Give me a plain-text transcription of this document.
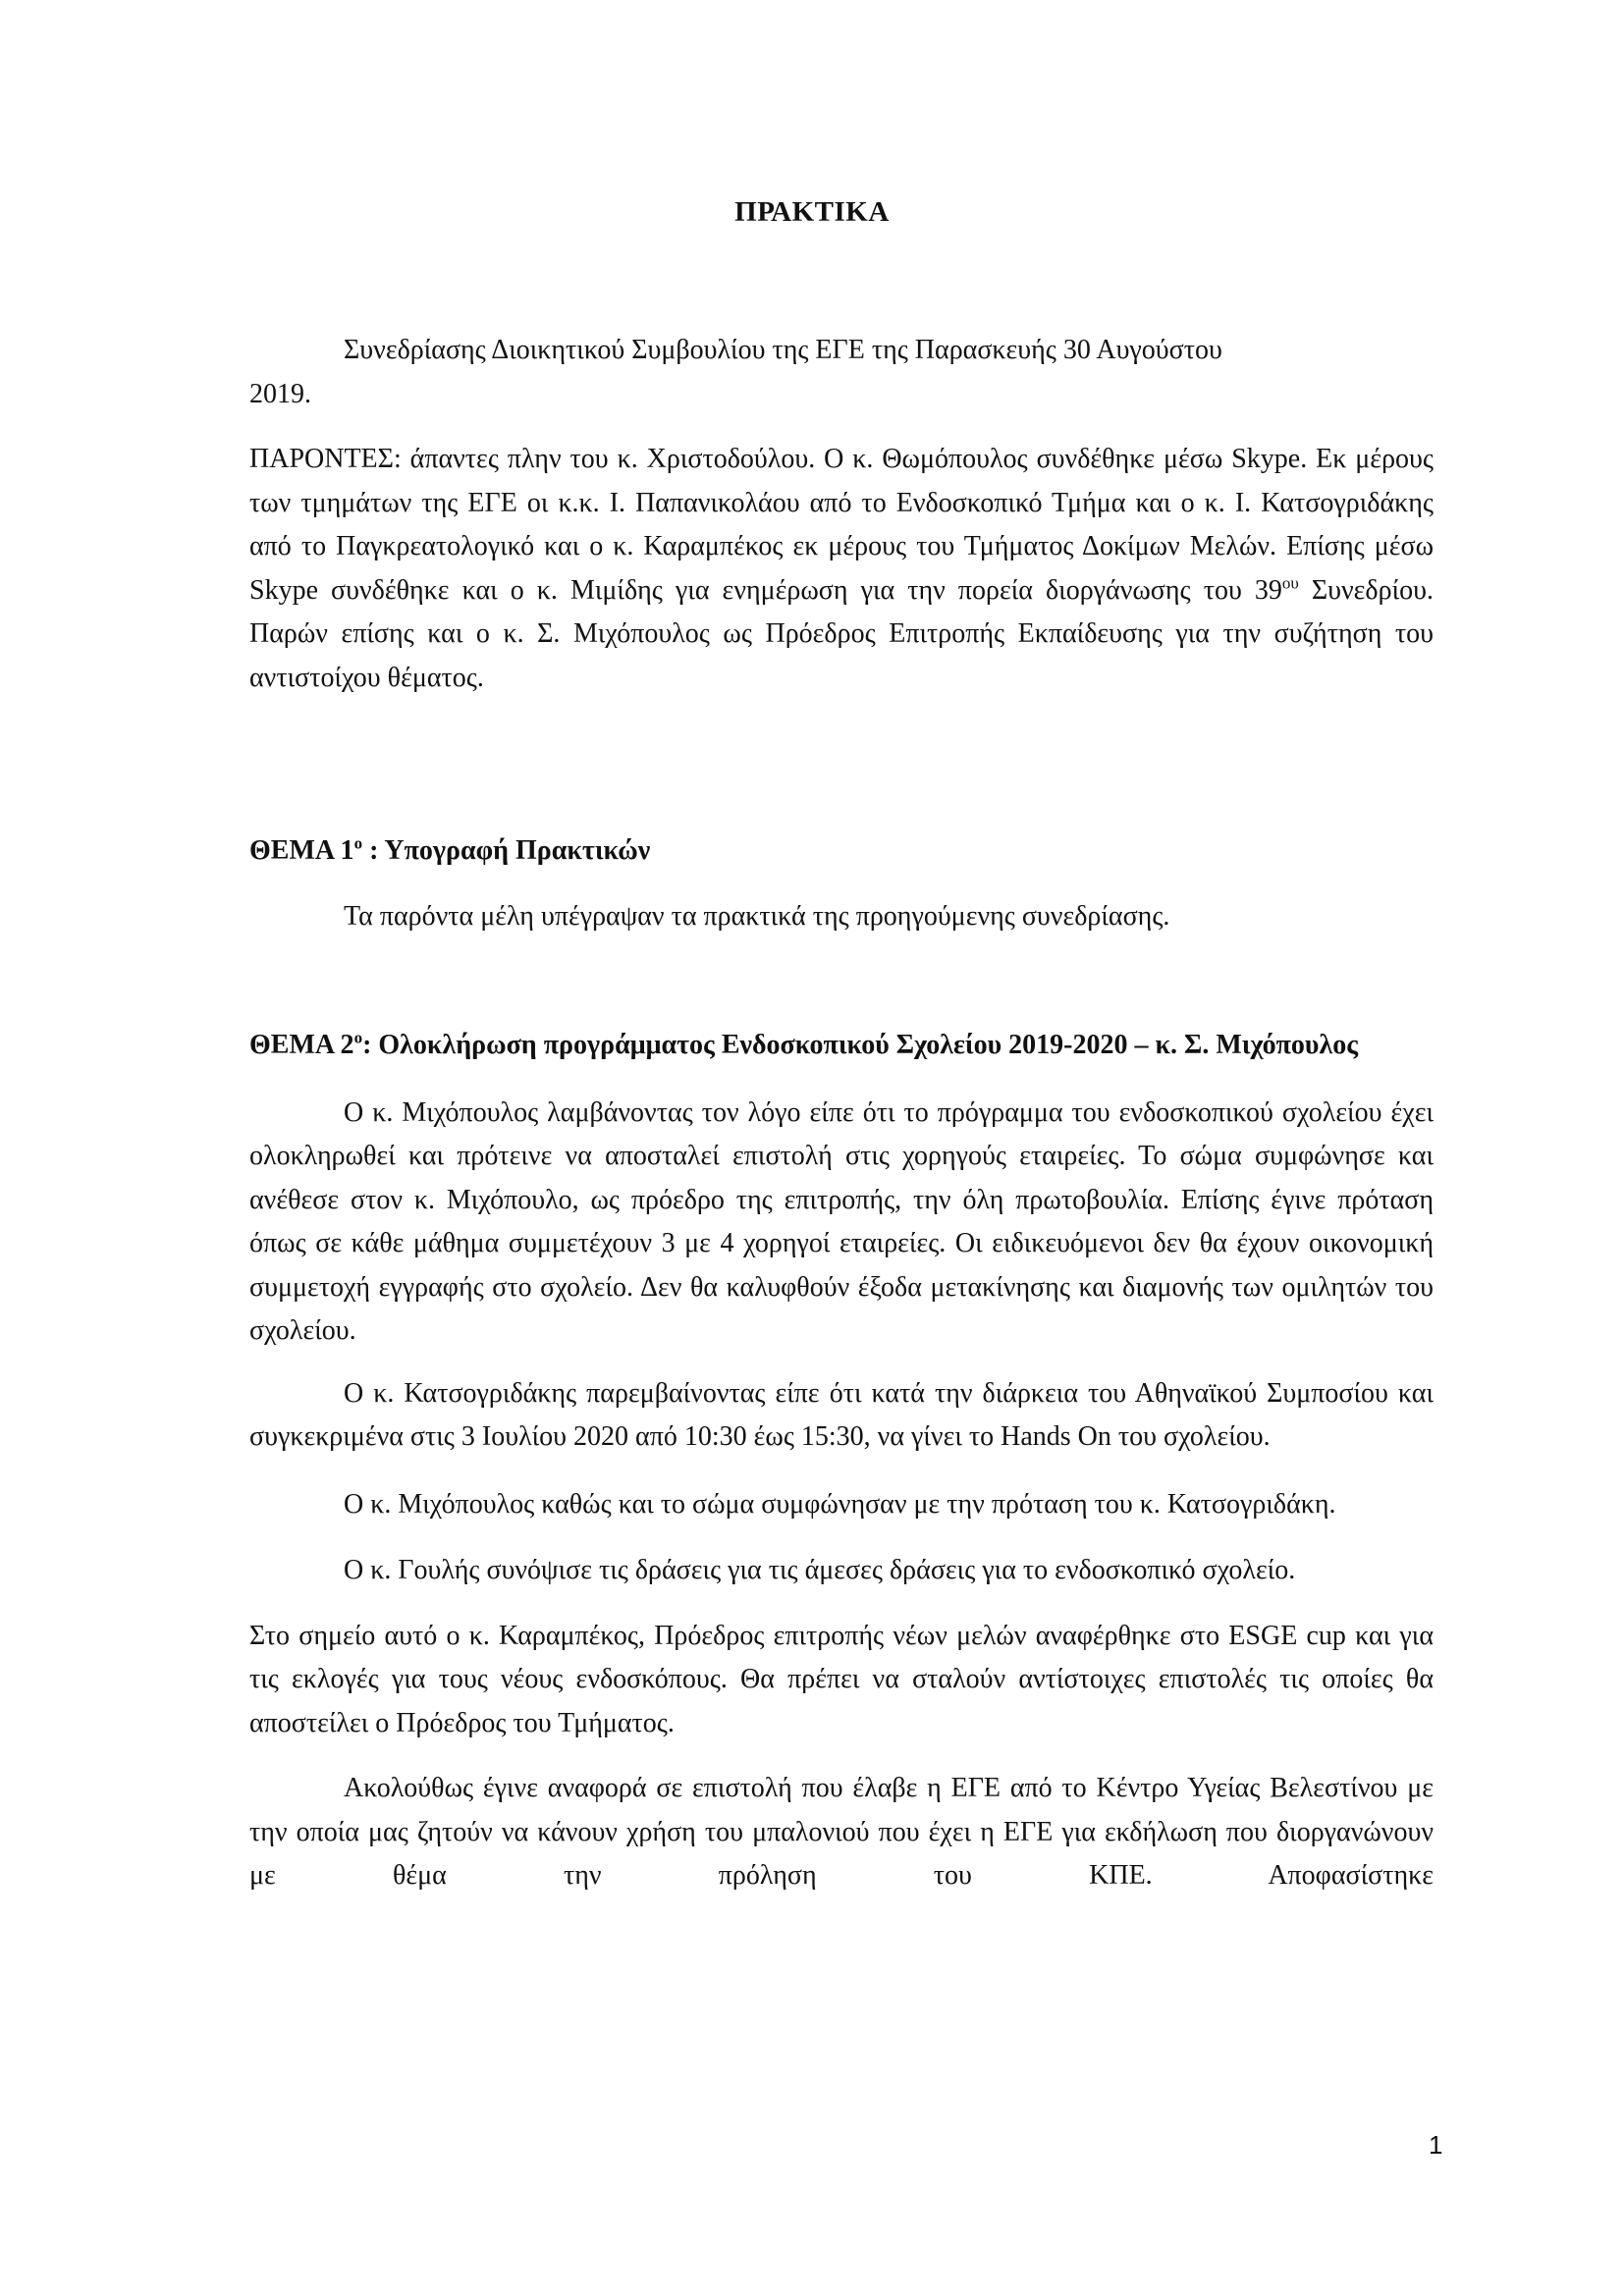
ΠΡΑΚΤΙΚΑ

Συνεδρίασης Διοικητικού Συμβουλίου της ΕΓΕ της Παρασκευής 30 Αυγούστου

2019.

ΠΑΡΟΝΤΕΣ: άπαντες πλην του κ. Χριστοδούλου. Ο κ. Θωμόπουλος συνδέθηκε μέσω Skype. Εκ μέρους των τμημάτων της ΕΓΕ οι κ.κ. Ι. Παπανικολάου από το Ενδοσκοπικό Τμήμα και ο κ. Ι. Κατσογριδάκης από το Παγκρεατολογικό και ο κ. Καραμπέκος εκ μέρους του Τμήματος Δοκίμων Μελών. Επίσης μέσω Skype συνδέθηκε και ο κ. Μιμίδης για ενημέρωση για την πορεία διοργάνωσης του $39^{o\upsilon}$ Συνεδρίου. Παρών επίσης και ο κ. Σ. Μιχόπουλος ως Πρόεδρος Επιτροπής Εκπαίδευσης για την συζήτηση του αντιστοίχου θέματος.

ΘΕΜΑ $1^o$ : Υπογραφή Πρακτικών

Τα παρόντα μέλη υπέγραψαν τα πρακτικά της προηγούμενης συνεδρίασης.

ΘΕΜΑ $2^o$: Ολοκλήρωση προγράμματος Ενδοσκοπικού Σχολείου 2019-2020 – κ. Σ. Μιχόπουλος

Ο κ. Μιχόπουλος λαμβάνοντας τον λόγο είπε ότι το πρόγραμμα του ενδοσκοπικού σχολείου έχει ολοκληρωθεί και πρότεινε να αποσταλεί επιστολή στις χορηγούς εταιρείες. Το σώμα συμφώνησε και ανέθεσε στον κ. Μιχόπουλο, ως πρόεδρο της επιτροπής, την όλη πρωτοβουλία. Επίσης έγινε πρόταση όπως σε κάθε μάθημα συμμετέχουν 3 με 4 χορηγοί εταιρείες. Οι ειδικευόμενοι δεν θα έχουν οικονομική συμμετοχή εγγραφής στο σχολείο. Δεν θα καλυφθούν έξοδα μετακίνησης και διαμονής των ομιλητών του σχολείου.

Ο κ. Κατσογριδάκης παρεμβαίνοντας είπε ότι κατά την διάρκεια του Αθηναϊκού Συμποσίου και συγκεκριμένα στις 3 Ιουλίου 2020 από 10:30 έως 15:30, να γίνει το Hands On του σχολείου.

Ο κ. Μιχόπουλος καθώς και το σώμα συμφώνησαν με την πρόταση του κ. Κατσογριδάκη.

Ο κ. Γουλής συνόψισε τις δράσεις για τις άμεσες δράσεις για το ενδοσκοπικό σχολείο.

Στο σημείο αυτό ο κ. Καραμπέκος, Πρόεδρος επιτροπής νέων μελών αναφέρθηκε στο ESGE cup και για τις εκλογές για τους νέους ενδοσκόπους. Θα πρέπει να σταλούν αντίστοιχες επιστολές τις οποίες θα αποστείλει ο Πρόεδρος του Τμήματος.

Ακολούθως έγινε αναφορά σε επιστολή που έλαβε η ΕΓΕ από το Κέντρο Υγείας Βελεστίνου με την οποία μας ζητούν να κάνουν χρήση του μπαλονιού που έχει η ΕΓΕ για εκδήλωση που διοργανώνουν με θέμα την πρόληση του ΚΠΕ. Αποφασίστηκε

1
